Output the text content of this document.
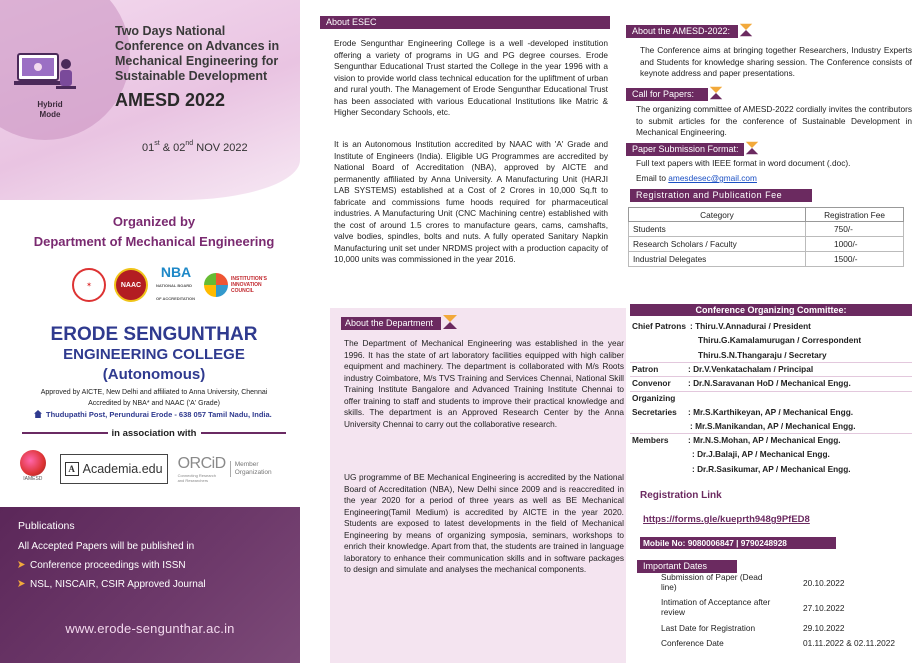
Hybrid Mode
Two Days National Conference on Advances in Mechanical Engineering for Sustainable Development
AMESD 2022
01st & 02nd NOV 2022
Organized by
Department of Mechanical Engineering
✶	NAAC
NBA
NATIONAL BOARD OF ACCREDITATION
INSTITUTION'S INNOVATION COUNCIL
ERODE SENGUNTHAR
ENGINEERING COLLEGE
(Autonomous)
Approved by AICTE, New Delhi and affiliated to Anna University, Chennai
Accredited by NBA* and NAAC ('A' Grade)
Thudupathi Post, Perundurai Erode - 638 057 Tamil Nadu, India.
in association with
IAMESD
A Academia.edu ORCiD
Connecting Research and Researchers
Member Organization
Publications
All Accepted Papers will be published in
Conference proceedings with ISSN
NSL, NISCAIR, CSIR Approved Journal
www.erode-sengunthar.ac.in
About ESEC
Erode Sengunthar Engineering College is a well -developed institution offering a variety of programs in UG and PG degree courses. Erode Sengunthar Educational Trust started the College in the year 1996 with a vision to provide world class technical education for the upliftment of urban and rural youth. The Management of Erode Sengunthar Educational Trust has been associated with various Educational Institutions like Matric & Higher Secondary Schools, etc.
It is an Autonomous Institution accredited by NAAC with 'A' Grade and Institute of Engineers (India). Eligible UG Programmes are accredited by National Board of Accreditation (NBA), approved by AICTE and permanently affiliated by Anna University. A Manufacturing Unit (HARJI LAB SYSTEMS) established at a Cost of 2 Crores in 10,000 Sq.ft to fabricate and commissions fume hoods required for pharmaceutical industries. A Manufacturing Unit (CNC Machining centre) established with the cost of around 1.5 crores to manufacture gears, cams, camshafts, valve bodies, spindles, bolts and nuts. A fully operated Sanitary Napkin Manufacturing unit set under NRDMS project with a production capacity of 10,000 units was commissioned in the year 2016.
About the Department
The Department of Mechanical Engineering was established in the year 1996. It has the state of art laboratory facilities equipped with high caliber equipment and machinery. The department is collaborated with M/s Roots industry Coimbatore, M/s TVS Training and Services Chennai, National Skill Training Institute Bangalore and Advanced Training Institute Chennai to offer training to staff and students to improve their practical knowledge and skills. The department is an Approved Research Center by the Anna University Chennai to carry out the collaborative research.
UG programme of BE Mechanical Engineering is accredited by the National Board of Accreditation (NBA), New Delhi since 2009 and is reaccredited in the year 2020 for a period of three years as well as BE Mechanical Engineering(Tamil Medium) is accredited by AICTE in the year 2020. Students are exposed to latest developments in the field of Mechanical Engineering by means of organizing symposia, seminars, workshops to enrich their knowledge. Apart from that, the students are trained in language laboratory to enhance their communication skills and in software packages to design and simulate and analyses the mechanical components.
About the AMESD-2022:
The Conference aims at bringing together Researchers, Industry Experts and Students for knowledge sharing session. The Conference consists of keynote address and paper presentations.
Call for Papers:
The organizing committee of AMESD-2022 cordially invites the contributors to submit articles for the conference of Sustainable Development in Mechanical Engineering.
Paper Submission Format:
Full text papers with IEEE format in word document (.doc).
Email to amesdesec@gmail.com
Registration and Publication Fee
Category	Registration Fee
Students	750/-
Research Scholars / Faculty	1000/-
Industrial Delegates	1500/-
Conference Organizing Committee:
Chief Patrons : Thiru.V.Annadurai / President
Thiru.G.Kamalamurugan / Correspondent
Thiru.S.N.Thangaraju / Secretary
Patron	: Dr.V.Venkatachalam / Principal
Convenor : Dr.N.Saravanan HoD / Mechanical Engg.
Organizing
Secretaries : Mr.S.Karthikeyan, AP / Mechanical Engg.
: Mr.S.Manikandan, AP / Mechanical Engg.
Members : Mr.N.S.Mohan, AP / Mechanical Engg.
: Dr.J.Balaji, AP / Mechanical Engg.
: Dr.R.Sasikumar, AP / Mechanical Engg.
Registration Link
https://forms.gle/kueprth948g9PfED8
Mobile No: 9080006847 | 9790248928
Important Dates
Submission of Paper (Dead line)	20.10.2022
Intimation of Acceptance after review	27.10.2022
Last Date for Registration	29.10.2022
Conference Date	01.11.2022 & 02.11.2022
